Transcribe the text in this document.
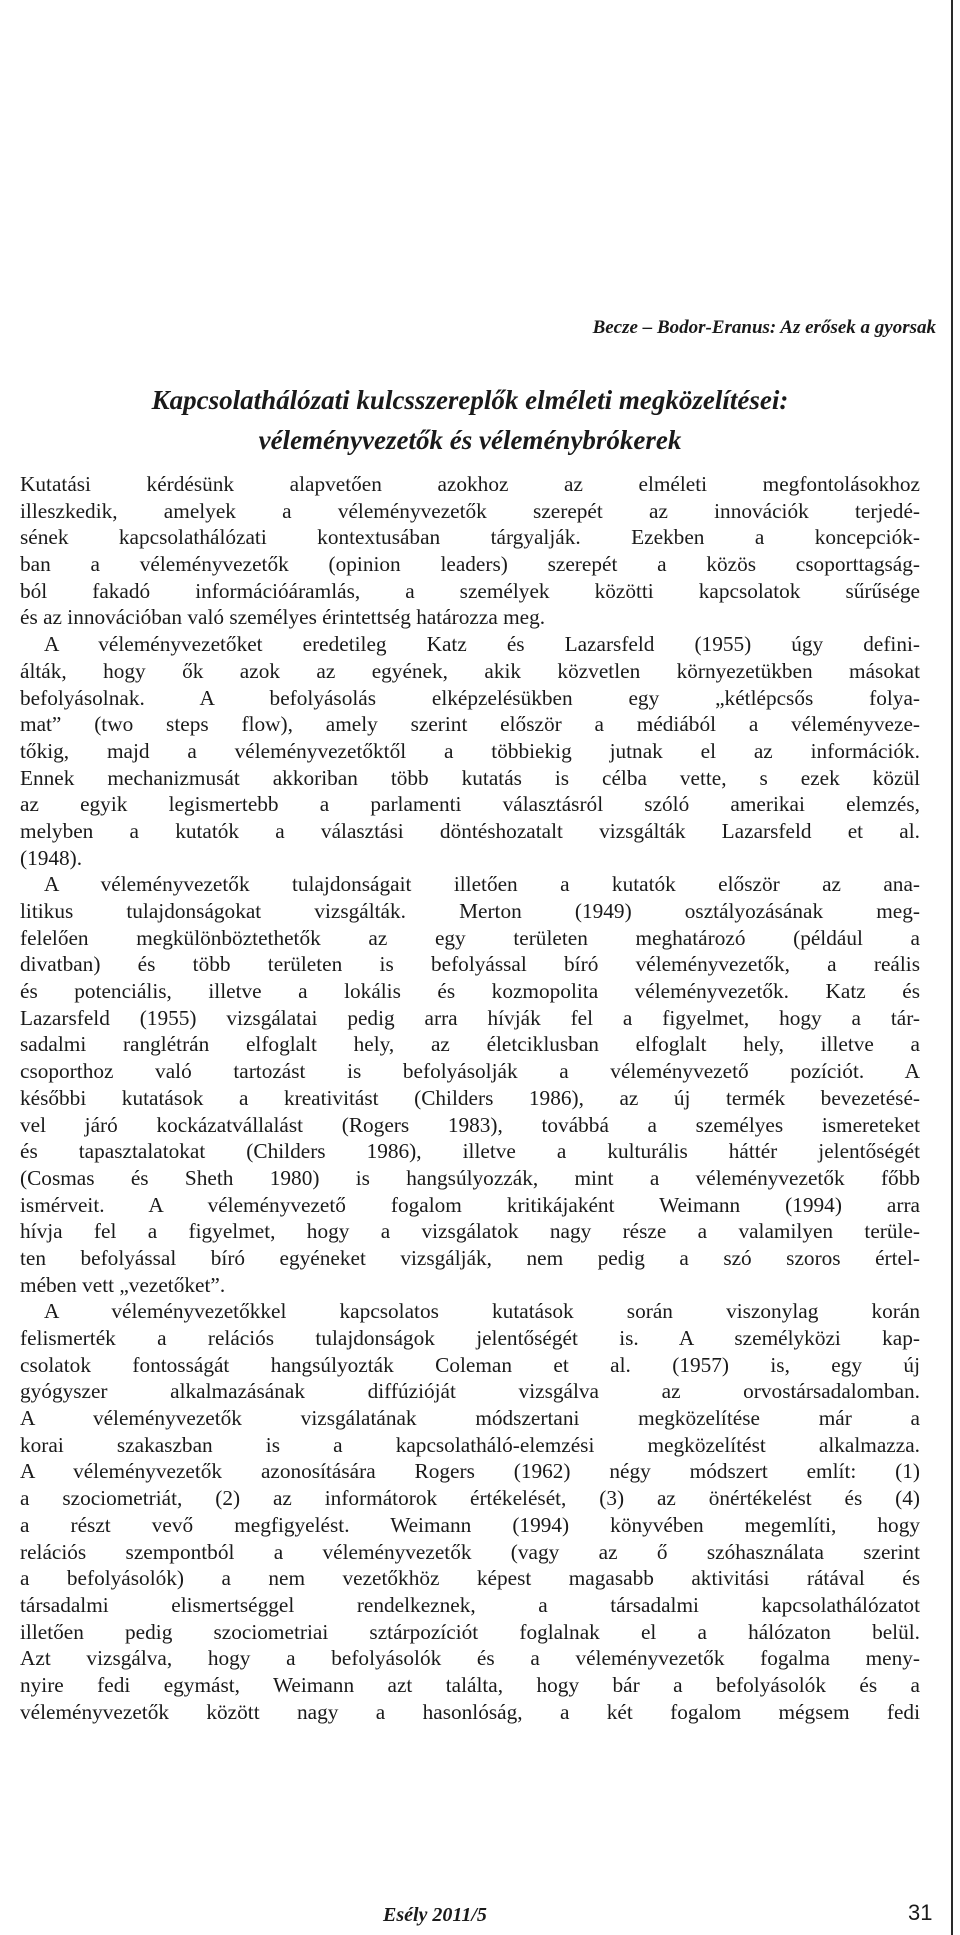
Becze – Bodor-Eranus: Az erősek a gyorsak
Kapcsolathálózati kulcsszereplők elméleti megközelítései:
véleményvezetők és véleménybrókerek
Kutatási kérdésünk alapvetően azokhoz az elméleti megfontolásokhoz
illeszkedik, amelyek a véleményvezetők szerepét az innovációk terjedé-
sének kapcsolathálózati kontextusában tárgyalják. Ezekben a koncepciók-
ban a véleményvezetők (opinion leaders) szerepét a közös csoporttagság-
ból fakadó információáramlás, a személyek közötti kapcsolatok sűrűsége
és az innovációban való személyes érintettség határozza meg.
A véleményvezetőket eredetileg Katz és Lazarsfeld (1955) úgy defini-
álták, hogy ők azok az egyének, akik közvetlen környezetükben másokat
befolyásolnak. A befolyásolás elképzelésükben egy „kétlépcsős folya-
mat” (two steps flow), amely szerint először a médiából a véleményveze-
tőkig, majd a véleményvezetőktől a többiekig jutnak el az információk.
Ennek mechanizmusát akkoriban több kutatás is célba vette, s ezek közül
az egyik legismertebb a parlamenti választásról szóló amerikai elemzés,
melyben a kutatók a választási döntéshozatalt vizsgálták Lazarsfeld et al.
(1948).
A véleményvezetők tulajdonságait illetően a kutatók először az ana-
litikus tulajdonságokat vizsgálták. Merton (1949) osztályozásának meg-
felelően megkülönböztethetők az egy területen meghatározó (például a
divatban) és több területen is befolyással bíró véleményvezetők, a reális
és potenciális, illetve a lokális és kozmopolita véleményvezetők. Katz és
Lazarsfeld (1955) vizsgálatai pedig arra hívják fel a figyelmet, hogy a tár-
sadalmi ranglétrán elfoglalt hely, az életciklusban elfoglalt hely, illetve a
csoporthoz való tartozást is befolyásolják a véleményvezető pozíciót. A
későbbi kutatások a kreativitást (Childers 1986), az új termék bevezetésé-
vel járó kockázatvállalást (Rogers 1983), továbbá a személyes ismereteket
és tapasztalatokat (Childers 1986), illetve a kulturális háttér jelentőségét
(Cosmas és Sheth 1980) is hangsúlyozzák, mint a véleményvezetők főbb
ismérveit. A véleményvezető fogalom kritikájaként Weimann (1994) arra
hívja fel a figyelmet, hogy a vizsgálatok nagy része a valamilyen terüle-
ten befolyással bíró egyéneket vizsgálják, nem pedig a szó szoros értel-
mében vett „vezetőket”.
A véleményvezetőkkel kapcsolatos kutatások során viszonylag korán
felismerték a relációs tulajdonságok jelentőségét is. A személyközi kap-
csolatok fontosságát hangsúlyozták Coleman et al. (1957) is, egy új
gyógyszer alkalmazásának diffúzióját vizsgálva az orvostársadalomban.
A véleményvezetők vizsgálatának módszertani megközelítése már a
korai szakaszban is a kapcsolatháló-elemzési megközelítést alkalmazza.
A véleményvezetők azonosítására Rogers (1962) négy módszert említ: (1)
a szociometriát, (2) az informátorok értékelését, (3) az önértékelést és (4)
a részt vevő megfigyelést. Weimann (1994) könyvében megemlíti, hogy
relációs szempontból a véleményvezetők (vagy az ő szóhasználata szerint
a befolyásolók) a nem vezetőkhöz képest magasabb aktivitási rátával és
társadalmi elismertséggel rendelkeznek, a társadalmi kapcsolathálózatot
illetően pedig szociometriai sztárpozíciót foglalnak el a hálózaton belül.
Azt vizsgálva, hogy a befolyásolók és a véleményvezetők fogalma meny-
nyire fedi egymást, Weimann azt találta, hogy bár a befolyásolók és a
véleményvezetők között nagy a hasonlóság, a két fogalom mégsem fedi
Esély 2011/5	31
